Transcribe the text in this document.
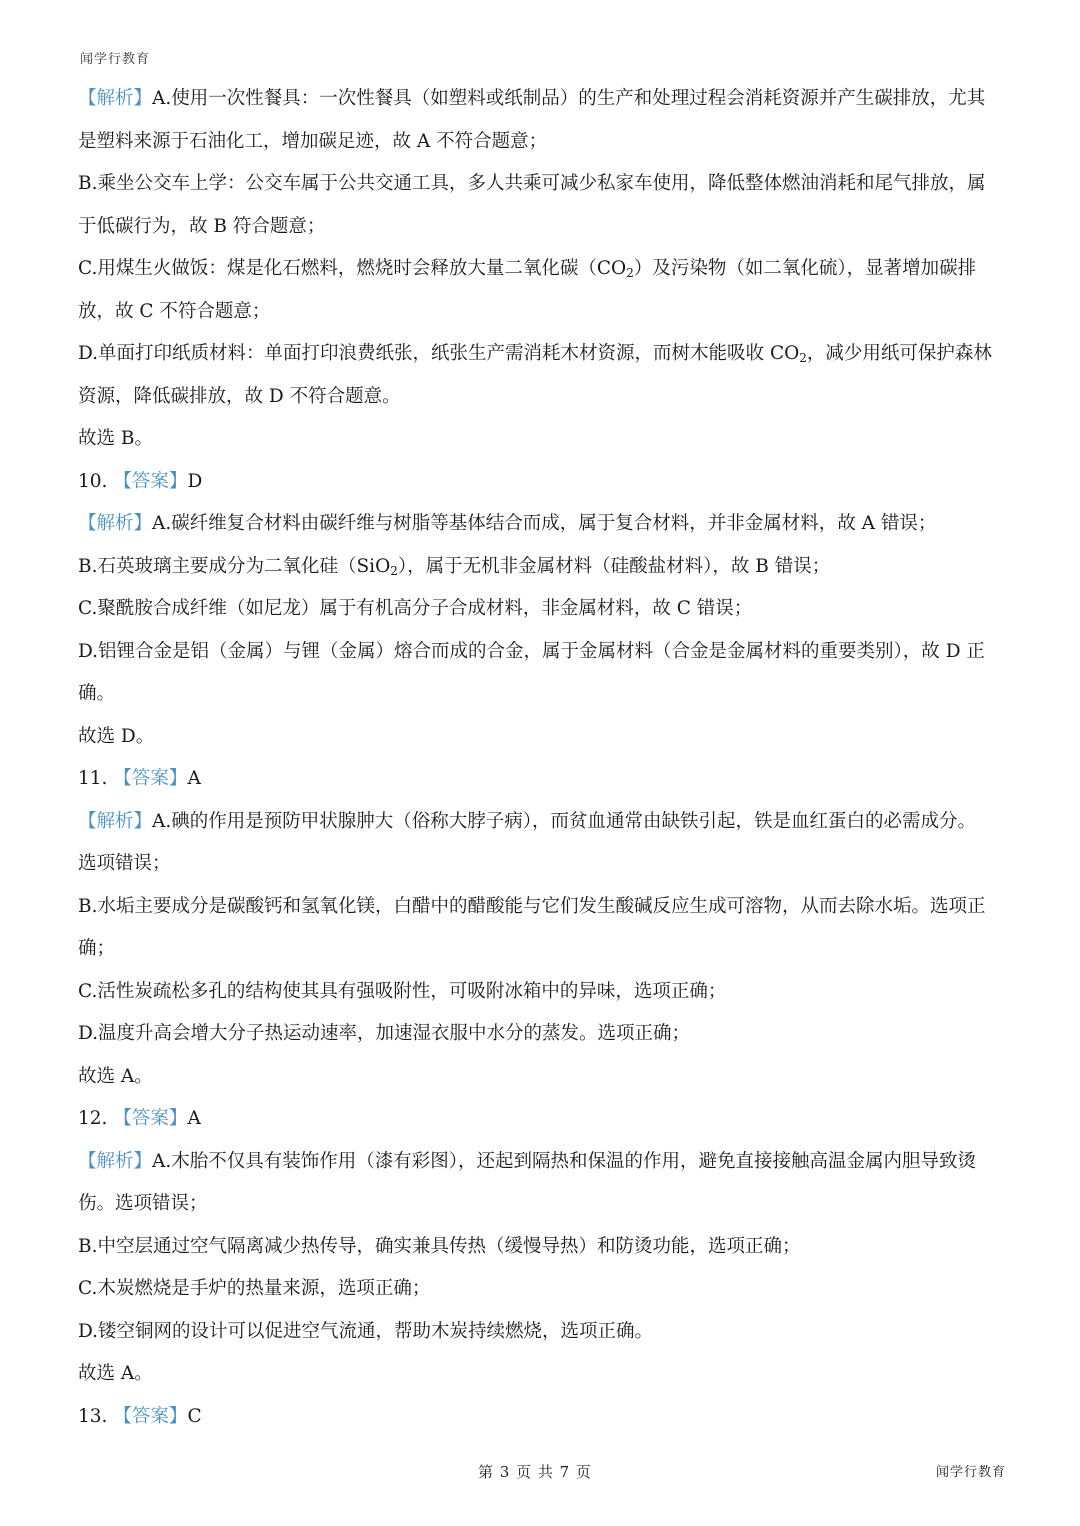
闻学行教育
【解析】A.使用一次性餐具：一次性餐具（如塑料或纸制品）的生产和处理过程会消耗资源并产生碳排放，尤其
是塑料来源于石油化工，增加碳足迹，故 A 不符合题意；
B.乘坐公交车上学：公交车属于公共交通工具，多人共乘可减少私家车使用，降低整体燃油消耗和尾气排放，属
于低碳行为，故 B 符合题意；
C.用煤生火做饭：煤是化石燃料，燃烧时会释放大量二氧化碳$(CO_2)$及污染物（如二氧化硫），显著增加碳排
放，故 C 不符合题意；
D.单面打印纸质材料：单面打印浪费纸张，纸张生产需消耗木材资源，而树木能吸收 $CO_2$，减少用纸可保护森林
资源，降低碳排放，故 D 不符合题意。
故选 B。
10. 【答案】D
【解析】A.碳纤维复合材料由碳纤维与树脂等基体结合而成，属于复合材料，并非金属材料，故 A 错误；
B.石英玻璃主要成分为二氧化硅（SiO$_2$），属于无机非金属材料（硅酸盐材料），故 B 错误；
C.聚酰胺合成纤维（如尼龙）属于有机高分子合成材料，非金属材料，故 C 错误；
D.铝锂合金是铝（金属）与锂（金属）熔合而成的合金，属于金属材料（合金是金属材料的重要类别），故 D 正
确。
故选 D。
11. 【答案】A
【解析】A.碘的作用是预防甲状腺肿大（俗称大脖子病），而贫血通常由缺铁引起，铁是血红蛋白的必需成分。
选项错误；
B.水垢主要成分是碳酸钙和氢氧化镁，白醋中的醋酸能与它们发生酸碱反应生成可溶物，从而去除水垢。选项正
确；
C.活性炭疏松多孔的结构使其具有强吸附性，可吸附冰箱中的异味，选项正确；
D.温度升高会增大分子热运动速率，加速湿衣服中水分的蒸发。选项正确；
故选 A。
12. 【答案】A
【解析】A.木胎不仅具有装饰作用（漆有彩图），还起到隔热和保温的作用，避免直接接触高温金属内胆导致烫
伤。选项错误；
B.中空层通过空气隔离减少热传导，确实兼具传热（缓慢导热）和防烫功能，选项正确；
C.木炭燃烧是手炉的热量来源，选项正确；
D.镂空铜网的设计可以促进空气流通，帮助木炭持续燃烧，选项正确。
故选 A。
13. 【答案】C
第 3 页 共 7 页	闻学行教育
